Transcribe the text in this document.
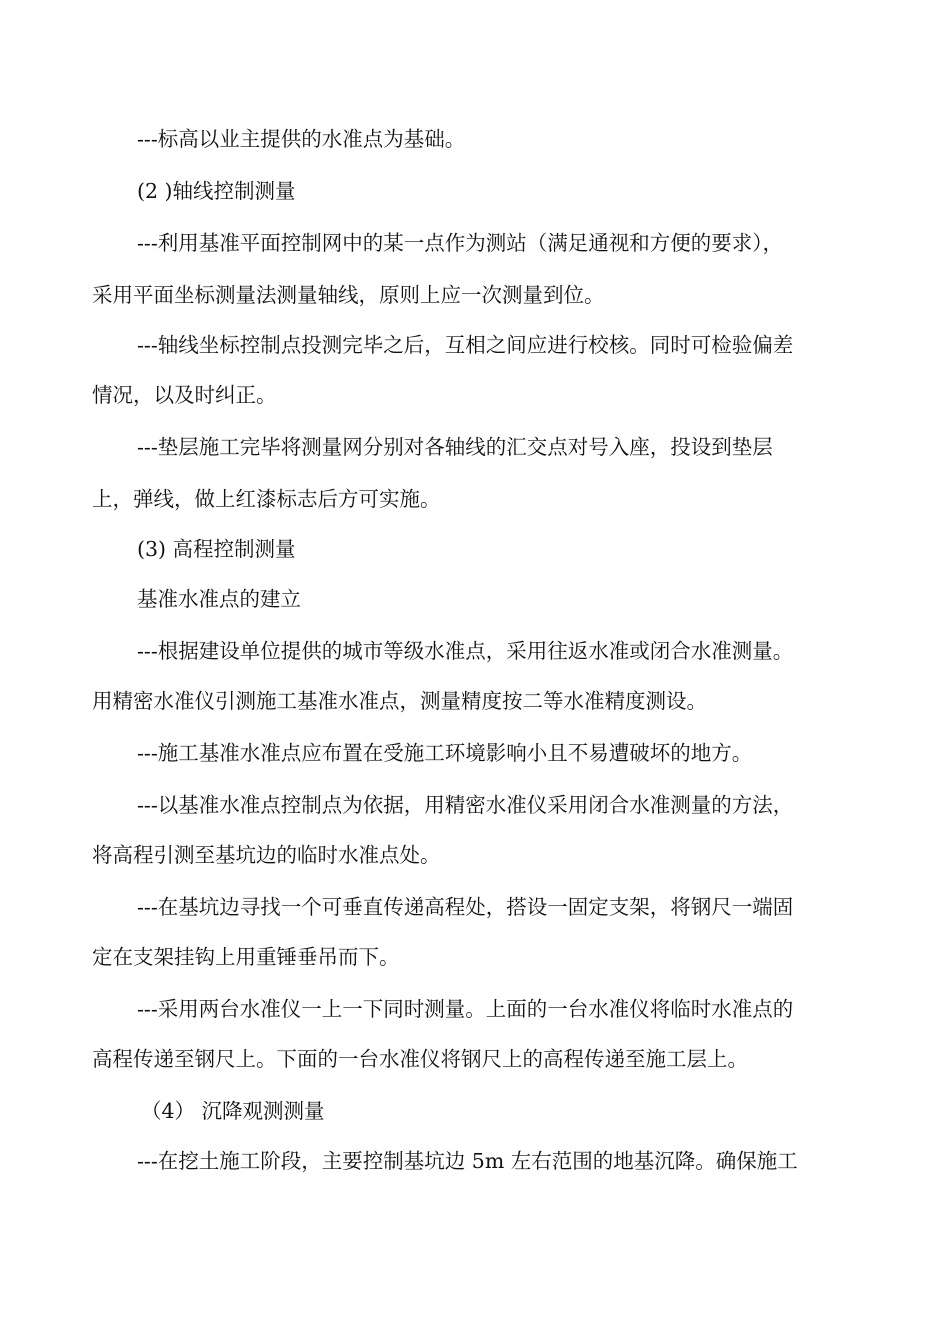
---标高以业主提供的水准点为基础。
(2 )轴线控制测量
---利用基准平面控制网中的某一点作为测站（满足通视和方便的要求），
采用平面坐标测量法测量轴线，原则上应一次测量到位。
---轴线坐标控制点投测完毕之后，互相之间应进行校核。同时可检验偏差
情况，以及时纠正。
---垫层施工完毕将测量网分别对各轴线的汇交点对号入座，投设到垫层
上，弹线，做上红漆标志后方可实施。
(3) 高程控制测量
基准水准点的建立
---根据建设单位提供的城市等级水准点，采用往返水准或闭合水准测量。
用精密水准仪引测施工基准水准点，测量精度按二等水准精度测设。
---施工基准水准点应布置在受施工环境影响小且不易遭破坏的地方。
---以基准水准点控制点为依据，用精密水准仪采用闭合水准测量的方法，
将高程引测至基坑边的临时水准点处。
---在基坑边寻找一个可垂直传递高程处，搭设一固定支架，将钢尺一端固
定在支架挂钩上用重锤垂吊而下。
---采用两台水准仪一上一下同时测量。上面的一台水准仪将临时水准点的
高程传递至钢尺上。下面的一台水准仪将钢尺上的高程传递至施工层上。
（4） 沉降观测测量
---在挖土施工阶段，主要控制基坑边 5m 左右范围的地基沉降。确保施工
